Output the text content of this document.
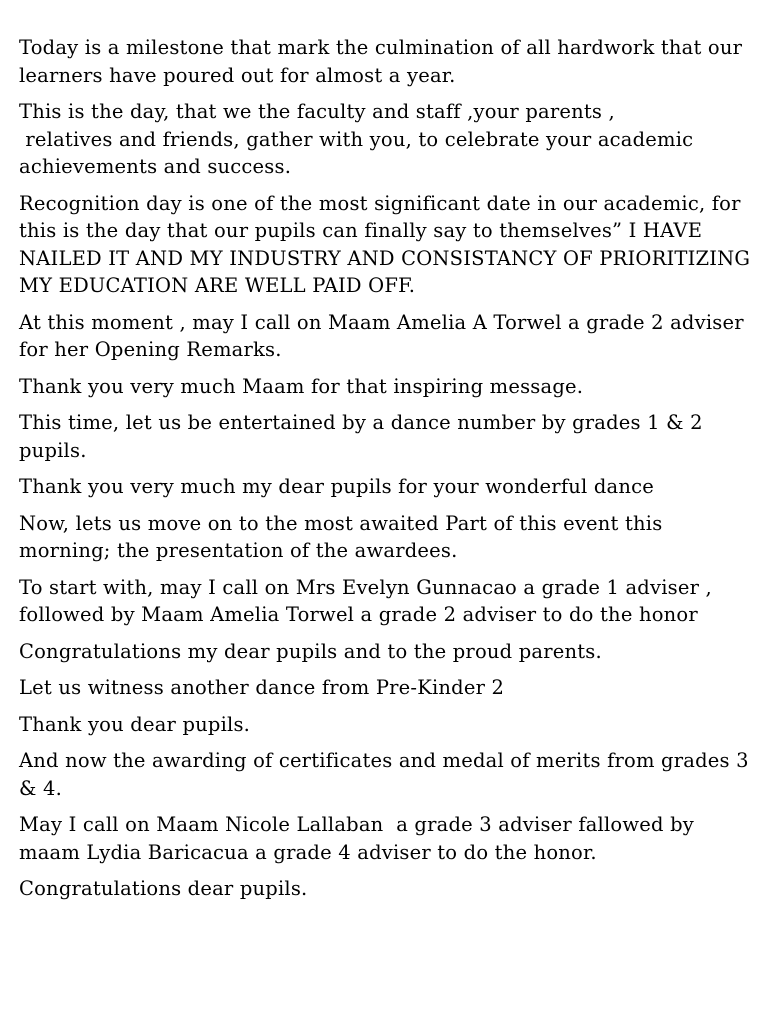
Today is a milestone that mark the culmination of all hardwork that our learners have poured out for almost a year.

This is the day, that we the faculty and staff ,your parents ,
relatives and friends, gather with you, to celebrate your academic achievements and success.

Recognition day is one of the most significant date in our academic, for this is the day that our pupils can finally say to themselves” I HAVE NAILED IT AND MY INDUSTRY AND CONSISTANCY OF PRIORITIZING MY EDUCATION ARE WELL PAID OFF.

At this moment , may I call on Maam Amelia A Torwel a grade 2 adviser for her Opening Remarks.

Thank you very much Maam for that inspiring message.

This time, let us be entertained by a dance number by grades 1 & 2 pupils.

Thank you very much my dear pupils for your wonderful dance

Now, lets us move on to the most awaited Part of this event this morning; the presentation of the awardees.

To start with, may I call on Mrs Evelyn Gunnacao a grade 1 adviser , followed by Maam Amelia Torwel a grade 2 adviser to do the honor

Congratulations my dear pupils and to the proud parents.

Let us witness another dance from Pre-Kinder 2

Thank you dear pupils.

And now the awarding of certificates and medal of merits from grades 3 & 4.

May I call on Maam Nicole Lallaban  a grade 3 adviser fallowed by maam Lydia Baricacua a grade 4 adviser to do the honor.

Congratulations dear pupils.
